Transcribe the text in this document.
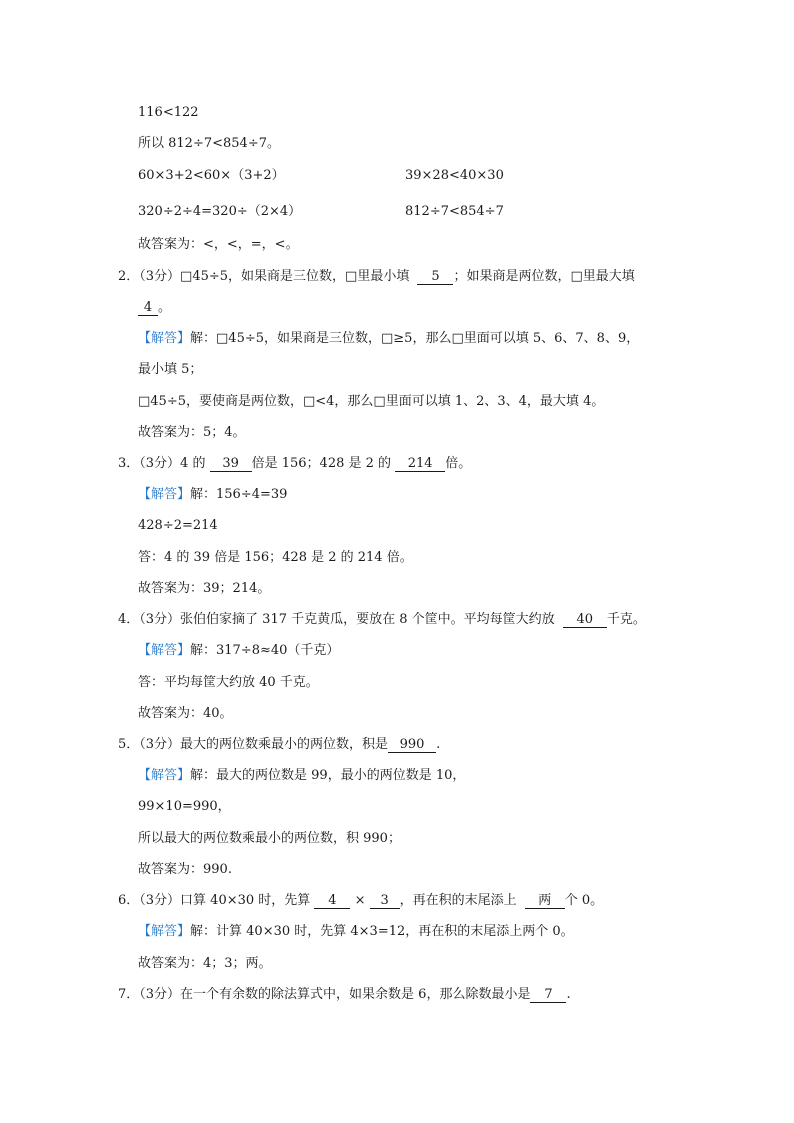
116<122
所以 812÷7<854÷7。
60×3+2<60×（3+2）	39×28<40×30
320÷2÷4=320÷（2×4）	812÷7<854÷7
故答案为：<，<，=，<。
2．（3分）□45÷5，如果商是三位数，□里最小填 5 ；如果商是两位数，□里最大填
4 。
【解答】解：□45÷5，如果商是三位数，□≥5，那么□里面可以填 5、6、7、8、9，
最小填 5；
□45÷5，要使商是两位数，□<4，那么□里面可以填 1、2、3、4，最大填 4。
故答案为：5；4。
3．（3分）4 的 39 倍是 156；428 是 2 的 214 倍。
【解答】解：156÷4=39
428÷2=214
答：4 的 39 倍是 156；428 是 2 的 214 倍。
故答案为：39；214。
4．（3分）张伯伯家摘了 317 千克黄瓜，要放在 8 个筐中。平均每筐大约放 40 千克。
【解答】解：317÷8≈40（千克）
答：平均每筐大约放 40 千克。
故答案为：40。
5．（3分）最大的两位数乘最小的两位数，积是 990 .
【解答】解：最大的两位数是 99，最小的两位数是 10，
99×10=990，
所以最大的两位数乘最小的两位数，积 990；
故答案为：990.
6．（3分）口算 40×30 时，先算 4 × 3 ，再在积的末尾添上 两 个 0。
【解答】解：计算 40×30 时，先算 4×3=12，再在积的末尾添上两个 0。
故答案为：4；3；两。
7．（3分）在一个有余数的除法算式中，如果余数是 6，那么除数最小是 7 .
